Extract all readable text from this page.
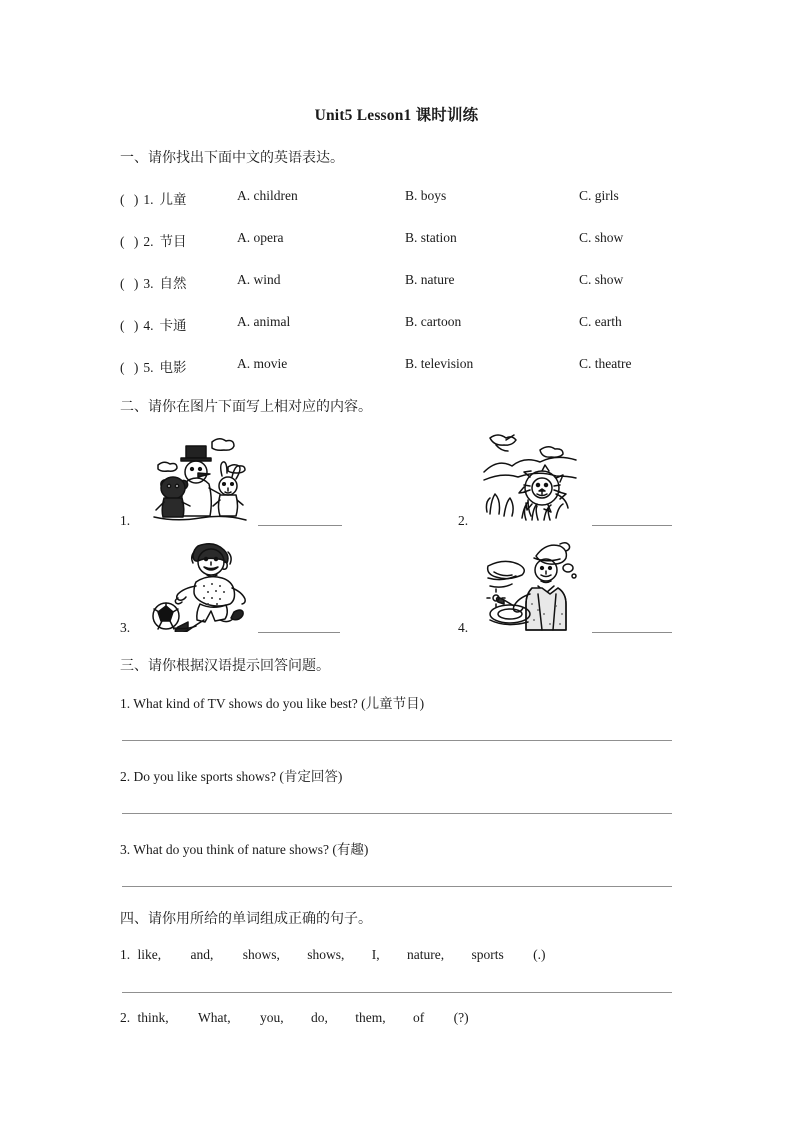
Unit5 Lesson1 课时训练
一、请你找出下面中文的英语表达。
( ) 1. 儿童	A. children	B. boys	C. girls
( ) 2. 节目	A. opera	B. station	C. show
( ) 3. 自然	A. wind	B. nature	C. show
( ) 4. 卡通	A. animal	B. cartoon	C. earth
( ) 5. 电影	A. movie	B. television	C. theatre
二、请你在图片下面写上相对应的内容。
1.	2.
3.	4.
三、请你根据汉语提示回答问题。
1. What kind of TV shows do you like best? (儿童节目)
2. Do you like sports shows? (肯定回答)
3. What do you think of nature shows? (有趣)
四、请你用所给的单词组成正确的句子。
1. like, and, shows, shows, I, nature, sports (.)
2. think, What, you, do, them, of (?)
